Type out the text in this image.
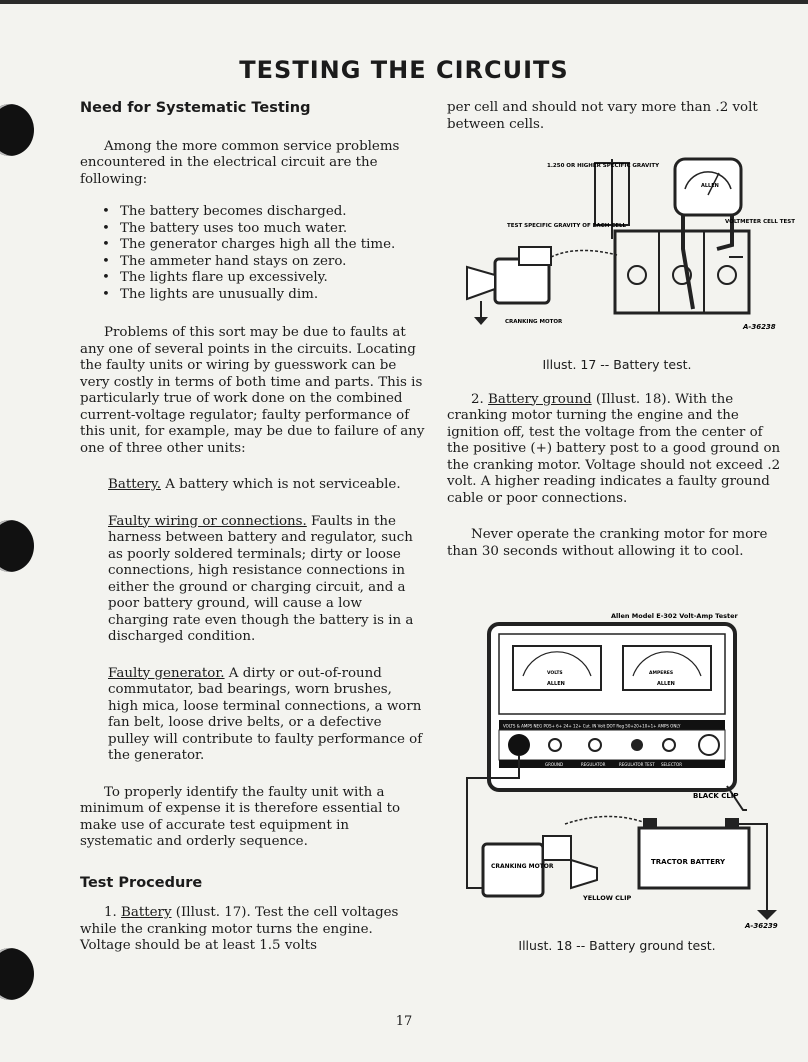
TESTING THE CIRCUITS
Need for Systematic Testing

Among the more common service problems encountered in the electrical circuit are the following:

• The battery becomes discharged.
• The battery uses too much water.
• The generator charges high all the time.
• The ammeter hand stays on zero.
• The lights flare up excessively.
• The lights are unusually dim.

Problems of this sort may be due to faults at any one of several points in the circuits. Locating the faulty units or wiring by guesswork can be very costly in terms of both time and parts. This is particularly true of work done on the combined current-voltage regulator; faulty performance of this unit, for example, may be due to failure of any one of three other units:

Battery. A battery which is not serviceable.

Faulty wiring or connections. Faults in the harness between battery and regulator, such as poorly soldered terminals; dirty or loose connections, high resistance connections in either the ground or charging circuit, and a poor battery ground, will cause a low charging rate even though the battery is in a discharged condition.

Faulty generator. A dirty or out-of-round commutator, bad bearings, worn brushes, high mica, loose terminal connections, a worn fan belt, loose drive belts, or a defective pulley will contribute to faulty performance of the generator.

To properly identify the faulty unit with a minimum of expense it is therefore essential to make use of accurate test equipment in systematic and orderly sequence.

Test Procedure

1. Battery (Illust. 17). Test the cell voltages while the cranking motor turns the engine. Voltage should be at least 1.5 volts

per cell and should not vary more than .2 volt between cells.

1.250 OR HIGHER SPECIFIC GRAVITY
TEST SPECIFIC GRAVITY OF EACH CELL
ALLEN
VOLTMETER CELL TEST
CRANKING MOTOR
A-36238
Illust. 17 -- Battery test.

2. Battery ground (Illust. 18). With the cranking motor turning the engine and the ignition off, test the voltage from the center of the positive (+) battery post to a good ground on the cranking motor. Voltage should not exceed .2 volt. A higher reading indicates a faulty ground cable or poor connections.

Never operate the cranking motor for more than 30 seconds without allowing it to cool.

Allen Model E-302 Volt-Amp Tester
VOLTS	AMPERES
ALLEN	ALLEN
VOLTS & AMPS NEG POS+ 6+ 24+ 12+ Cut. IN Volt DOT Reg 50+20+10+1+ AMPS ONLY
GROUND	REGULATOR	REGULATOR TEST SELECTOR
BLACK CLIP
TRACTOR BATTERY
CRANKING MOTOR
YELLOW CLIP
A-36239
Illust. 18 -- Battery ground test.
17
